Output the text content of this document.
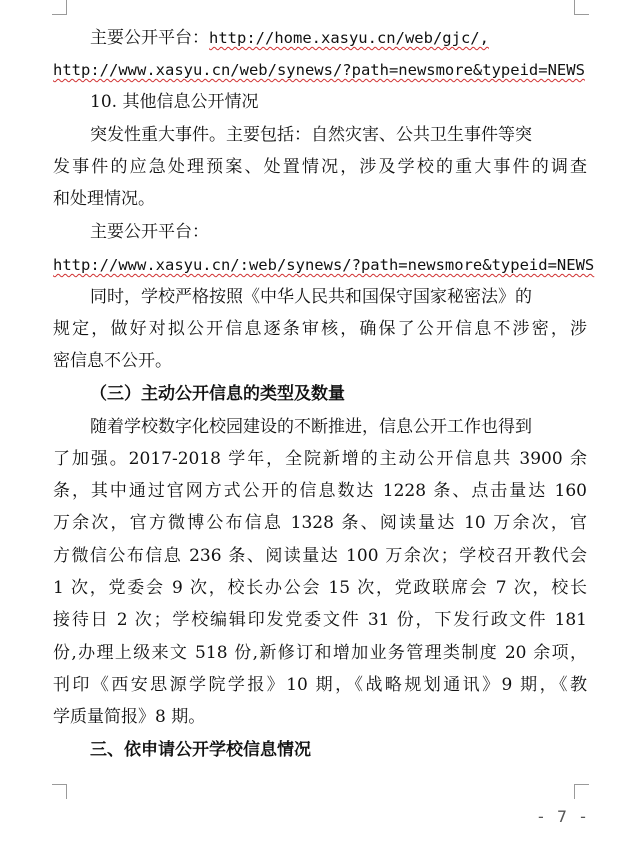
主要公开平台：http://home.xasyu.cn/web/gjc/,
http://www.xasyu.cn/web/synews/?path=newsmore&typeid=NEWS
10. 其他信息公开情况
突发性重大事件。主要包括：自然灾害、公共卫生事件等突
发事件的应急处理预案、处置情况，涉及学校的重大事件的调查
和处理情况。
主要公开平台：
http://www.xasyu.cn/:web/synews/?path=newsmore&typeid=NEWS
同时，学校严格按照《中华人民共和国保守国家秘密法》的
规定，做好对拟公开信息逐条审核，确保了公开信息不涉密，涉
密信息不公开。
（三）主动公开信息的类型及数量
随着学校数字化校园建设的不断推进，信息公开工作也得到
了加强。2017-2018 学年，全院新增的主动公开信息共 3900 余
条，其中通过官网方式公开的信息数达 1228 条、点击量达 160
万余次，官方微博公布信息 1328 条、阅读量达 10 万余次，官
方微信公布信息 236 条、阅读量达 100 万余次；学校召开教代会
1 次，党委会 9 次，校长办公会 15 次，党政联席会 7 次，校长
接待日 2 次；学校编辑印发党委文件 31 份，下发行政文件 181
份,办理上级来文 518 份,新修订和增加业务管理类制度 20 余项，
刊印《西安思源学院学报》10 期，《战略规划通讯》9 期，《教
学质量简报》8 期。
三、依申请公开学校信息情况
- 7 -
